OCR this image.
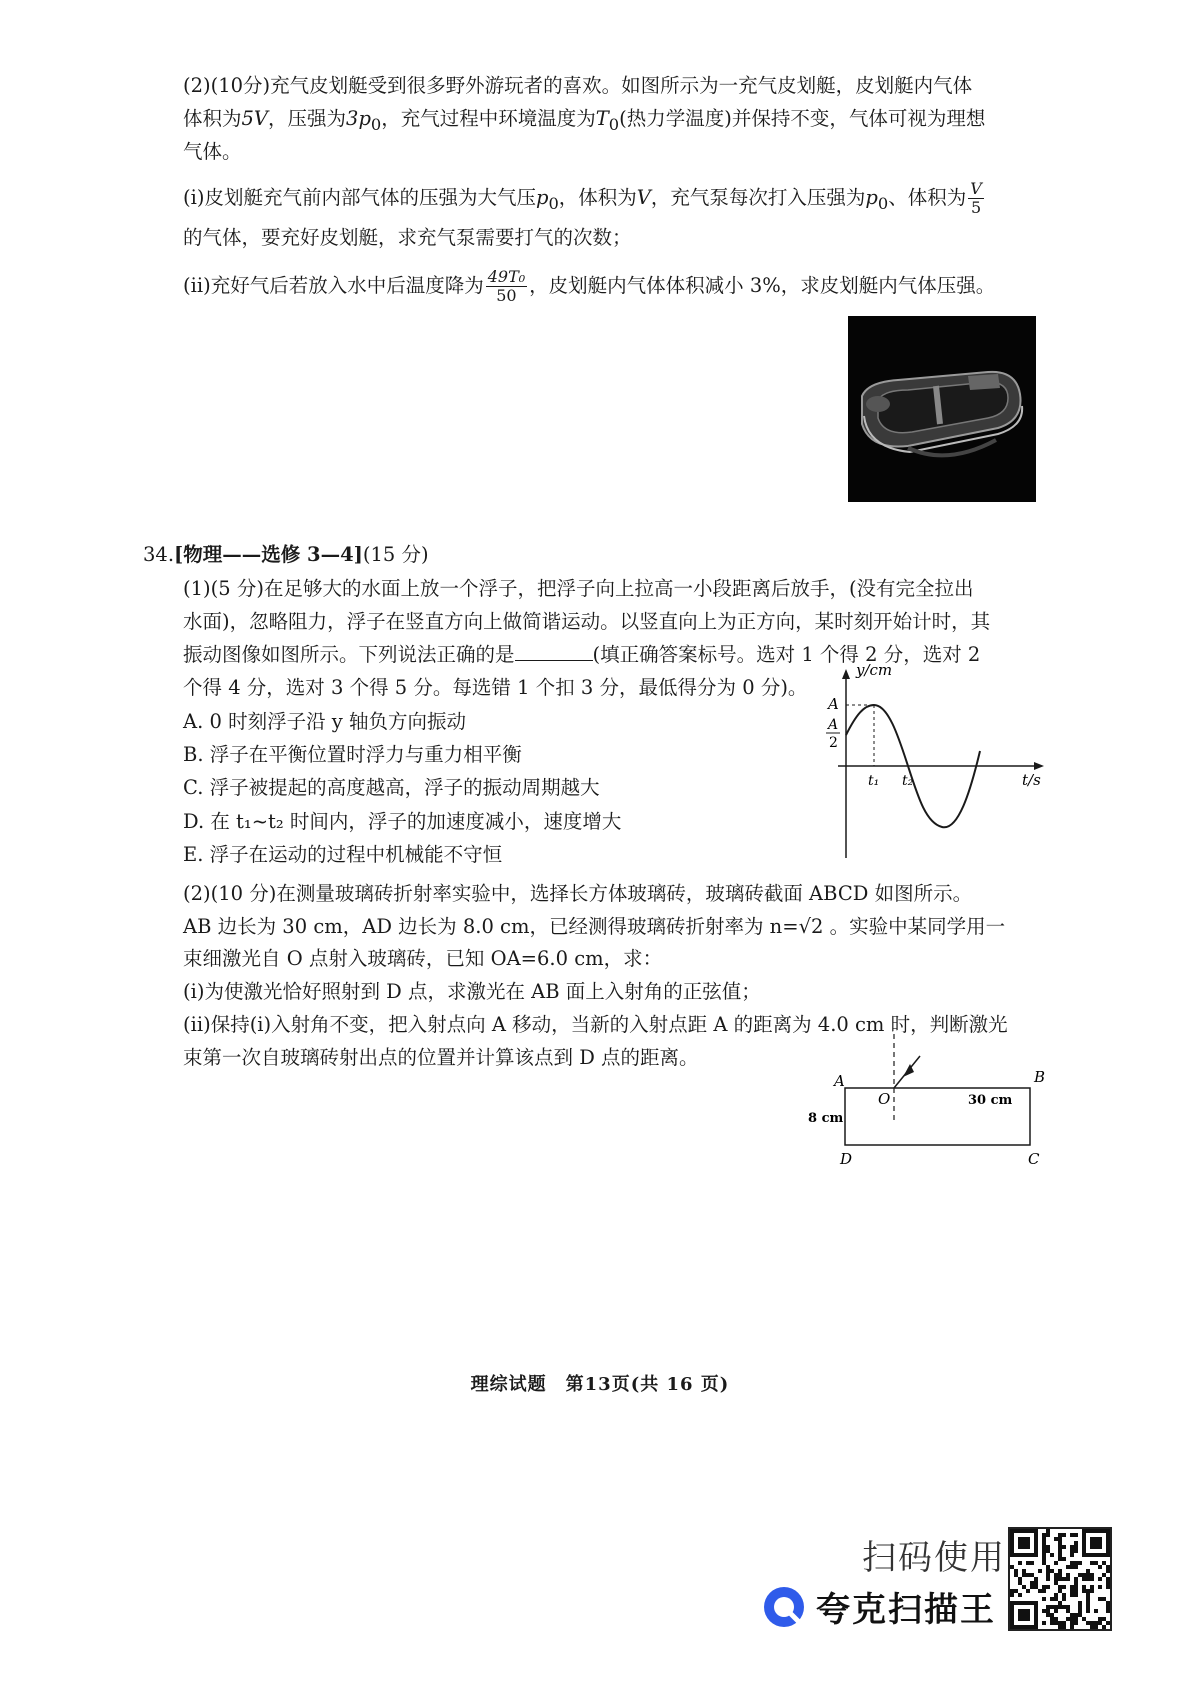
(2)(10分)充气皮划艇受到很多野外游玩者的喜欢。如图所示为一充气皮划艇，皮划艇内气体
体积为5V，压强为$3p_0$，充气过程中环境温度为$T_0$(热力学温度)并保持不变，气体可视为理想
气体。
(i)皮划艇充气前内部气体的压强为大气压$p_0$，体积为V，充气泵每次打入压强为$p_0$、体积为 $\frac{V}{5}$
的气体，要充好皮划艇，求充气泵需要打气的次数；
(ii)充好气后若放入水中后温度降为 $\frac{\text{49T₀}}{50}$ ，皮划艇内气体体积减小 3%，求皮划艇内气体压强。
34.[物理——选修 3—4](15 分)
(1)(5 分)在足够大的水面上放一个浮子，把浮子向上拉高一小段距离后放手，(没有完全拉出
水面)，忽略阻力，浮子在竖直方向上做简谐运动。以竖直向上为正方向，某时刻开始计时，其
振动图像如图所示。下列说法正确的是	(填正确答案标号。选对 1 个得 2 分，选对 2
个得 4 分，选对 3 个得 5 分。每选错 1 个扣 3 分，最低得分为 0 分)。
A. 0 时刻浮子沿 y 轴负方向振动
B. 浮子在平衡位置时浮力与重力相平衡
C. 浮子被提起的高度越高，浮子的振动周期越大
D. 在 t₁~t₂ 时间内，浮子的加速度减小，速度增大
E. 浮子在运动的过程中机械能不守恒
y/cm
t/s
A
A
2
t₁ t₂
(2)(10 分)在测量玻璃砖折射率实验中，选择长方体玻璃砖，玻璃砖截面 ABCD 如图所示。
AB 边长为 30 cm，AD 边长为 8.0 cm，已经测得玻璃砖折射率为 n=√2 。实验中某同学用一
束细激光自 O 点射入玻璃砖，已知 OA=6.0 cm，求：
(i)为使激光恰好照射到 D 点，求激光在 AB 面上入射角的正弦值；
(ii)保持(i)入射角不变，把入射点向 A 移动，当新的入射点距 A 的距离为 4.0 cm 时，判断激光
束第一次自玻璃砖射出点的位置并计算该点到 D 点的距离。
A	B
C
D
O	30 cm
8 cm
理综试题　第13页(共 16 页)
扫码使用
夸克扫描王
